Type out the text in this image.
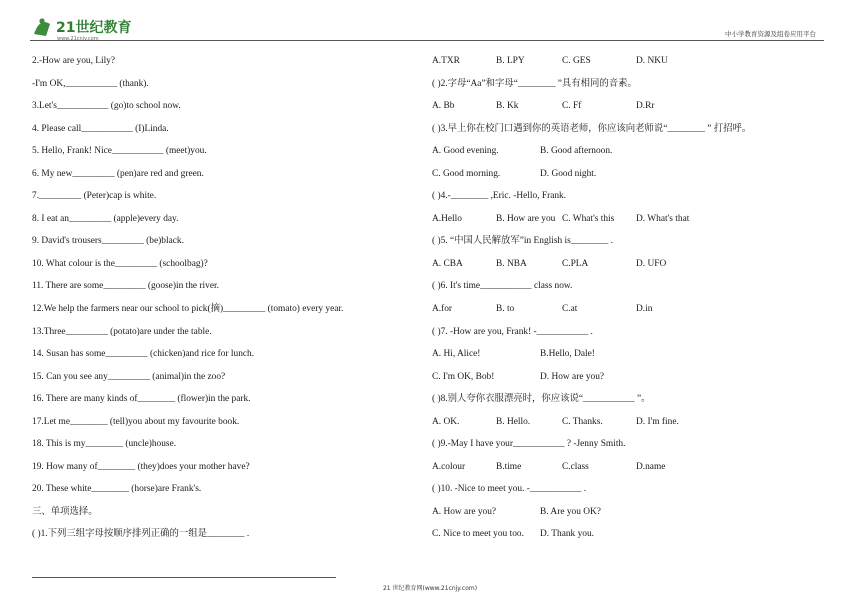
21世纪教育
www.21cnjy.com
中小学教育资源及组卷应用平台
2.-How are you, Lily?
-I'm OK,___________ (thank).
3.Let's___________ (go)to school now.
4. Please call___________ (I)Linda.
5. Hello, Frank! Nice___________ (meet)you.
6. My new_________ (pen)are red and green.
7._________ (Peter)cap is white.
8. I eat an_________ (apple)every day.
9. David's trousers_________ (be)black.
10. What colour is the_________ (schoolbag)?
11. There are some_________ (goose)in the river.
12.We help the farmers near our school to pick(摘)_________ (tomato) every year.
13.Three_________ (potato)are under the table.
14. Susan has some_________ (chicken)and rice for lunch.
15. Can you see any_________ (animal)in the zoo?
16. There are many kinds of________ (flower)in the park.
17.Let me________ (tell)you about my favourite book.
18. This is my________ (uncle)house.
19. How many of________ (they)does your mother have?
20. These white________ (horse)are Frank's.
三、单项选择。
( )1.下列三组字母按顺序排列正确的一组是________ .
A.TXR	B. LPY	C. GES	D. NKU
( )2.字母“Aa”和字母“________ ”具有相同的音素。
A. Bb	B. Kk	C. Ff	D.Rr
( )3.早上你在校门口遇到你的英语老师，你应该向老师说“________ ” 打招呼。
A. Good evening.	B. Good afternoon.
C. Good morning.	D. Good night.
( )4.-________ ,Eric. -Hello, Frank.
A.Hello	B. How are you C. What's this D. What's that
( )5. “中国人民解放军”in English is________ .
A. CBA	B. NBA	C.PLA	D. UFO
( )6. It's time___________ class now.
A.for	B. to	C.at	D.in
( )7. -How are you, Frank! -___________ .
A. Hi, Alice!	B.Hello, Dale!
C. I'm OK, Bob!	D. How are you?
( )8.别人夸你衣服漂亮时，你应该说“___________ ”。
A. OK.	B. Hello.	C. Thanks.	D. I'm fine.
( )9.-May I have your___________ ? -Jenny Smith.
A.colour	B.time	C.class	D.name
( )10. -Nice to meet you. -___________ .
A. How are you?	B. Are you OK?
C. Nice to meet you too. D. Thank you.
21 世纪教育网(www.21cnjy.com)
